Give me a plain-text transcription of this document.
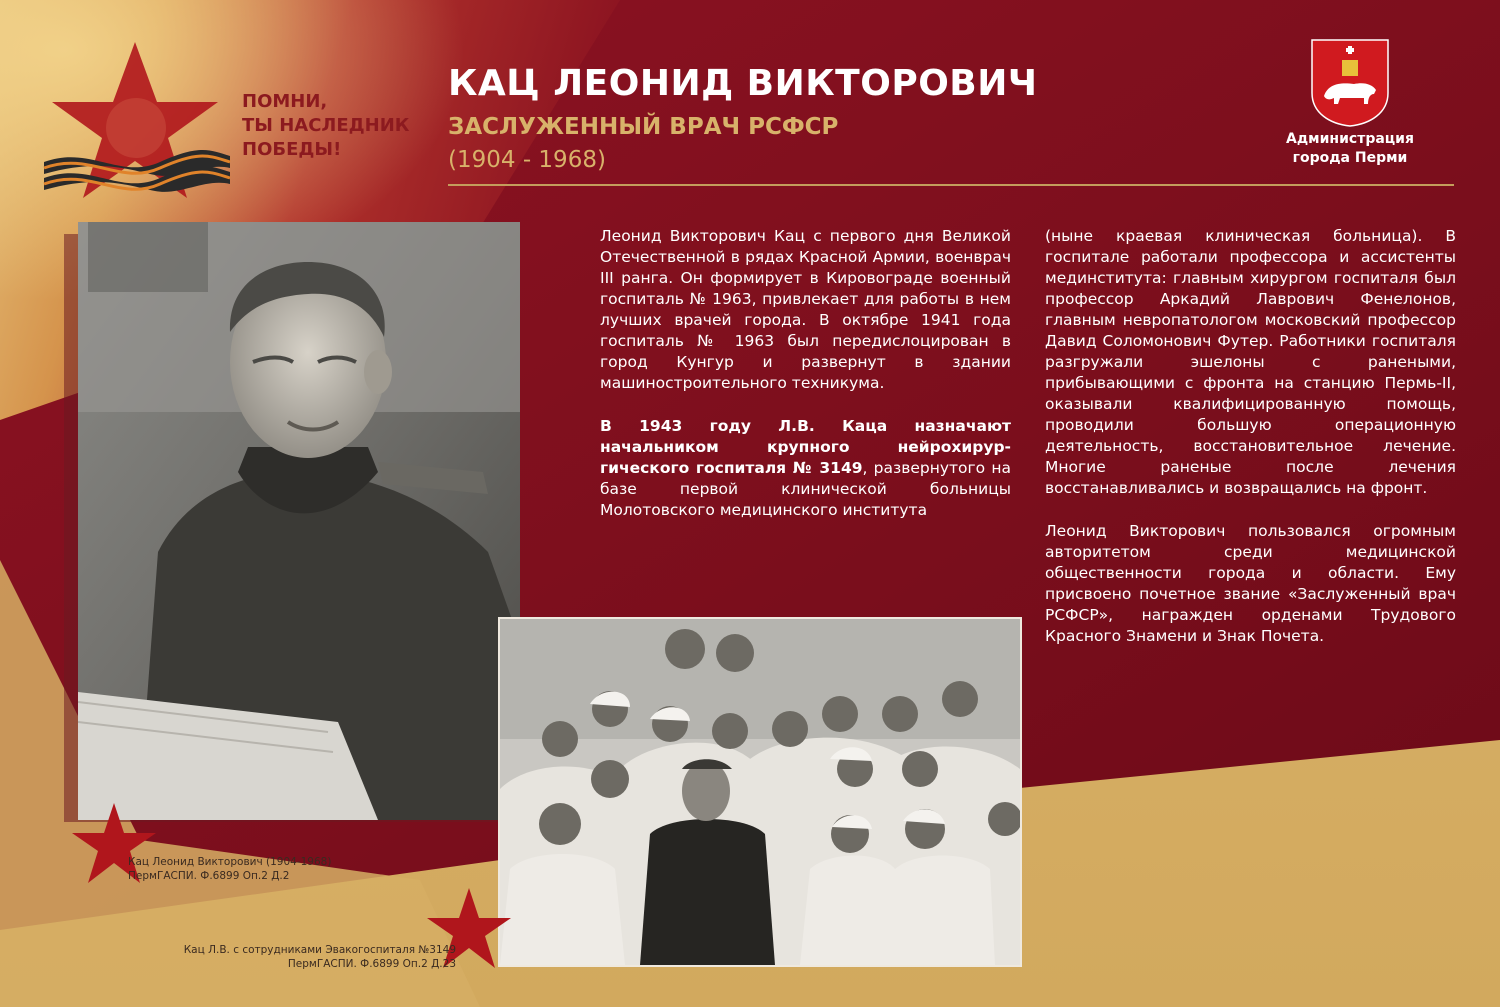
ПОМНИ,
ТЫ НАСЛЕДНИК
ПОБЕДЫ!
КАЦ ЛЕОНИД ВИКТОРОВИЧ
ЗАСЛУЖЕННЫЙ ВРАЧ РСФСР
(1904 - 1968)
Администрация
города Перми

Леонид Викторович Кац с первого дня Великой Отечественной в рядах Красной Армии, военврач III ранга. Он формирует в Кировограде военный госпиталь № 1963, привлекает для работы в нем лучших врачей города. В октябре 1941 года госпиталь № 1963 был передислоцирован в город Кунгур и развернут в здании машиностроительного техникума.

В 1943 году Л.В. Каца назначают начальником крупного нейрохирур-гического госпиталя № 3149, развернутого на базе первой клинической больницы Молотовского медицинского института

(ныне краевая клиническая больница). В госпитале работали профессора и ассистенты мединститута: главным хирургом госпиталя был профессор Аркадий Лаврович Фенелонов, главным невропатологом московский профессор Давид Соломонович Футер. Работники госпиталя разгружали эшелоны с ранеными, прибывающими с фронта на станцию Пермь-II, оказывали квалифицированную помощь, проводили большую операционную деятельность, восстановительное лечение. Многие раненые после лечения восстанавливались и возвращались на фронт.

Леонид Викторович пользовался огромным авторитетом среди медицинской общественности города и области. Ему присвоено почетное звание «Заслуженный врач РСФСР», награжден орденами Трудового Красного Знамени и Знак Почета.

Кац Леонид Викторович (1904-1968)
ПермГАСПИ. Ф.6899 Оп.2 Д.2
Кац Л.В. с сотрудниками Эвакогоспиталя №3149
ПермГАСПИ. Ф.6899 Оп.2 Д.23
